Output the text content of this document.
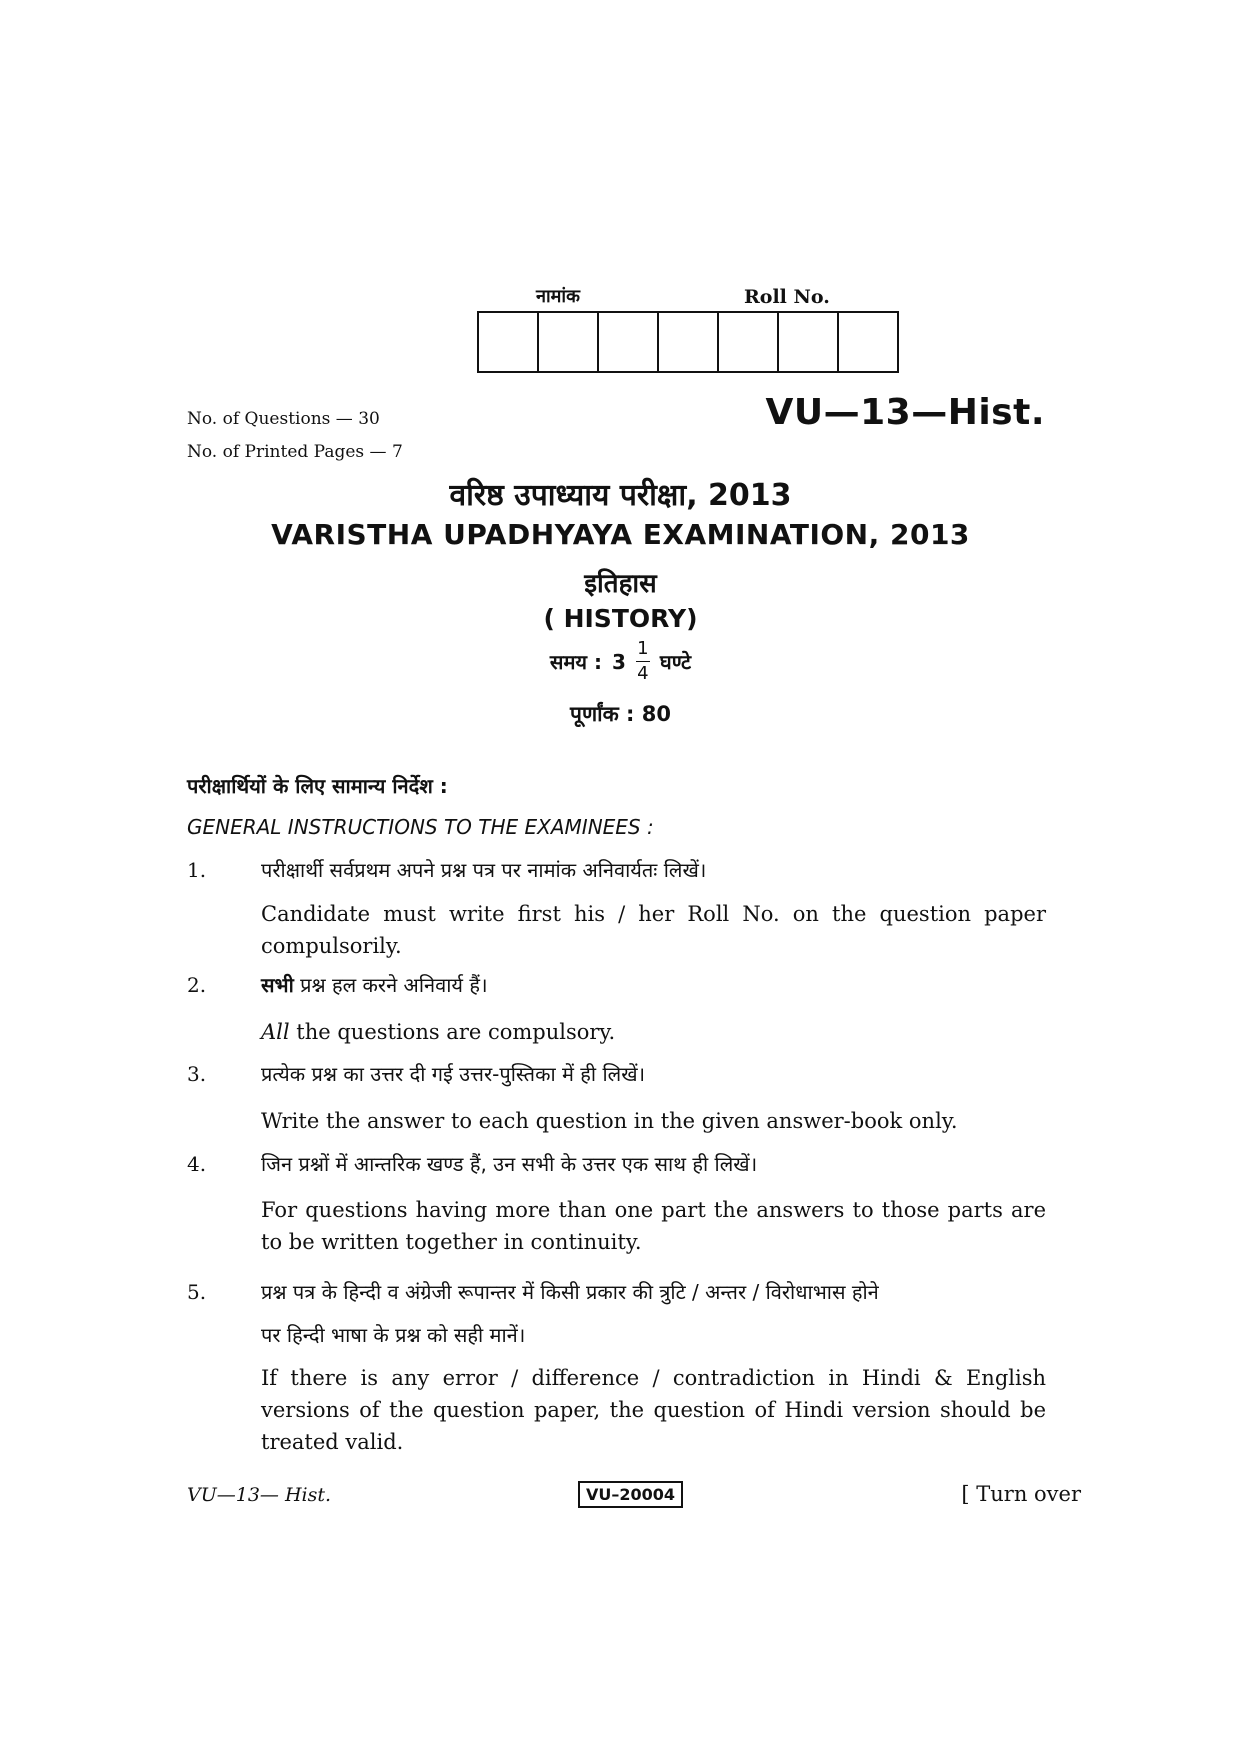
नामांक	Roll No.
No. of Questions — 30
No. of Printed Pages — 7
VU—13—Hist.
वरिष्ठ उपाध्याय परीक्षा, 2013
VARISTHA UPADHYAYA EXAMINATION, 2013
इतिहास
( HISTORY)
समय : $3 \frac{1}{4}$ घण्टे
पूर्णांक : 80
परीक्षार्थियों के लिए सामान्य निर्देश :
GENERAL INSTRUCTIONS TO THE EXAMINEES :
1.	परीक्षार्थी सर्वप्रथम अपने प्रश्न पत्र पर नामांक अनिवार्यतः लिखें।
Candidate must write first his / her Roll No. on the question paper compulsorily.
2.	सभी प्रश्न हल करने अनिवार्य हैं।
All the questions are compulsory.
3.	प्रत्येक प्रश्न का उत्तर दी गई उत्तर-पुस्तिका में ही लिखें।
Write the answer to each question in the given answer-book only.
4.	जिन प्रश्नों में आन्तरिक खण्ड हैं, उन सभी के उत्तर एक साथ ही लिखें।
For questions having more than one part the answers to those parts are to be written together in continuity.
5.	प्रश्न पत्र के हिन्दी व अंग्रेजी रूपान्तर में किसी प्रकार की त्रुटि / अन्तर / विरोधाभास होने
पर हिन्दी भाषा के प्रश्न को सही मानें।
If there is any error / difference / contradiction in Hindi & English versions of the question paper, the question of Hindi version should be treated valid.
VU—13— Hist.	VU–20004	[ Turn over
